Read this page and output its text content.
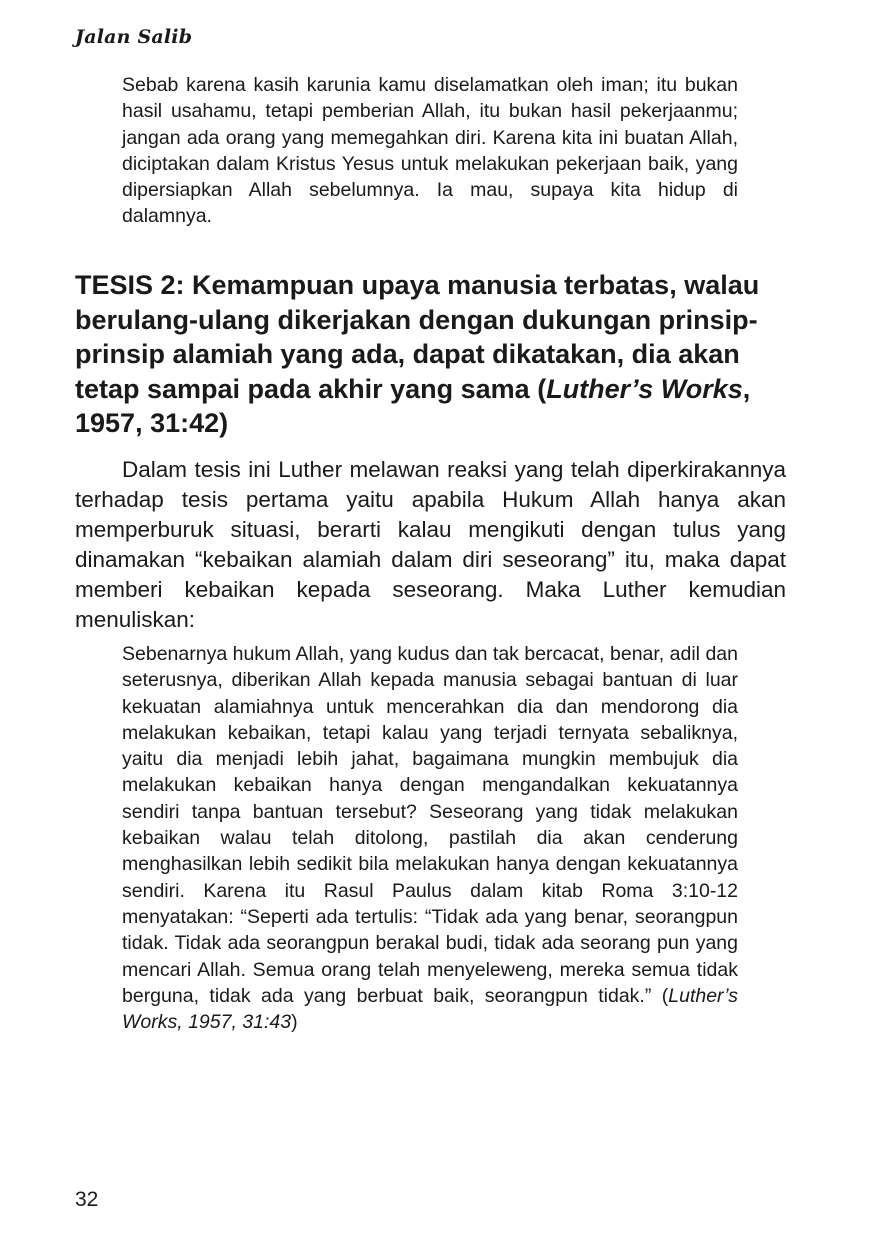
Jalan Salib

Sebab karena kasih karunia kamu diselamatkan oleh iman; itu bukan hasil usahamu, tetapi pemberian Allah, itu bukan hasil pekerjaanmu; jangan ada orang yang memegahkan diri. Karena kita ini buatan Allah, diciptakan dalam Kristus Yesus untuk melakukan pekerjaan baik, yang dipersiapkan Allah sebelumnya. Ia mau, supaya kita hidup di dalamnya.

TESIS 2: Kemampuan upaya manusia terbatas, walau berulang-ulang dikerjakan dengan dukungan prinsip-prinsip alamiah yang ada, dapat dikatakan, dia akan tetap sampai pada akhir yang sama (Luther’s Works, 1957, 31:42)

Dalam tesis ini Luther melawan reaksi yang telah diperkirakannya terhadap tesis pertama yaitu apabila Hukum Allah hanya akan memperburuk situasi, berarti kalau mengikuti dengan tulus yang dinamakan “kebaikan alamiah dalam diri seseorang” itu, maka dapat memberi kebaikan kepada seseorang. Maka Luther kemudian menuliskan:

Sebenarnya hukum Allah, yang kudus dan tak bercacat, benar, adil dan seterusnya, diberikan Allah kepada manusia sebagai bantuan di luar kekuatan alamiahnya untuk mencerahkan dia dan mendorong dia melakukan kebaikan, tetapi kalau yang terjadi ternyata sebaliknya, yaitu dia menjadi lebih jahat, bagaimana mungkin membujuk dia melakukan kebaikan hanya dengan mengandalkan kekuatannya sendiri tanpa bantuan tersebut? Seseorang yang tidak melakukan kebaikan walau telah ditolong, pastilah dia akan cenderung menghasilkan lebih sedikit bila melakukan hanya dengan kekuatannya sendiri. Karena itu Rasul Paulus dalam kitab Roma 3:10-12 menyatakan: “Seperti ada tertulis: “Tidak ada yang benar, seorangpun tidak. Tidak ada seorangpun berakal budi, tidak ada seorang pun yang mencari Allah. Semua orang telah menyeleweng, mereka semua tidak berguna, tidak ada yang berbuat baik, seorangpun tidak.” (Luther’s Works, 1957, 31:43)

32
